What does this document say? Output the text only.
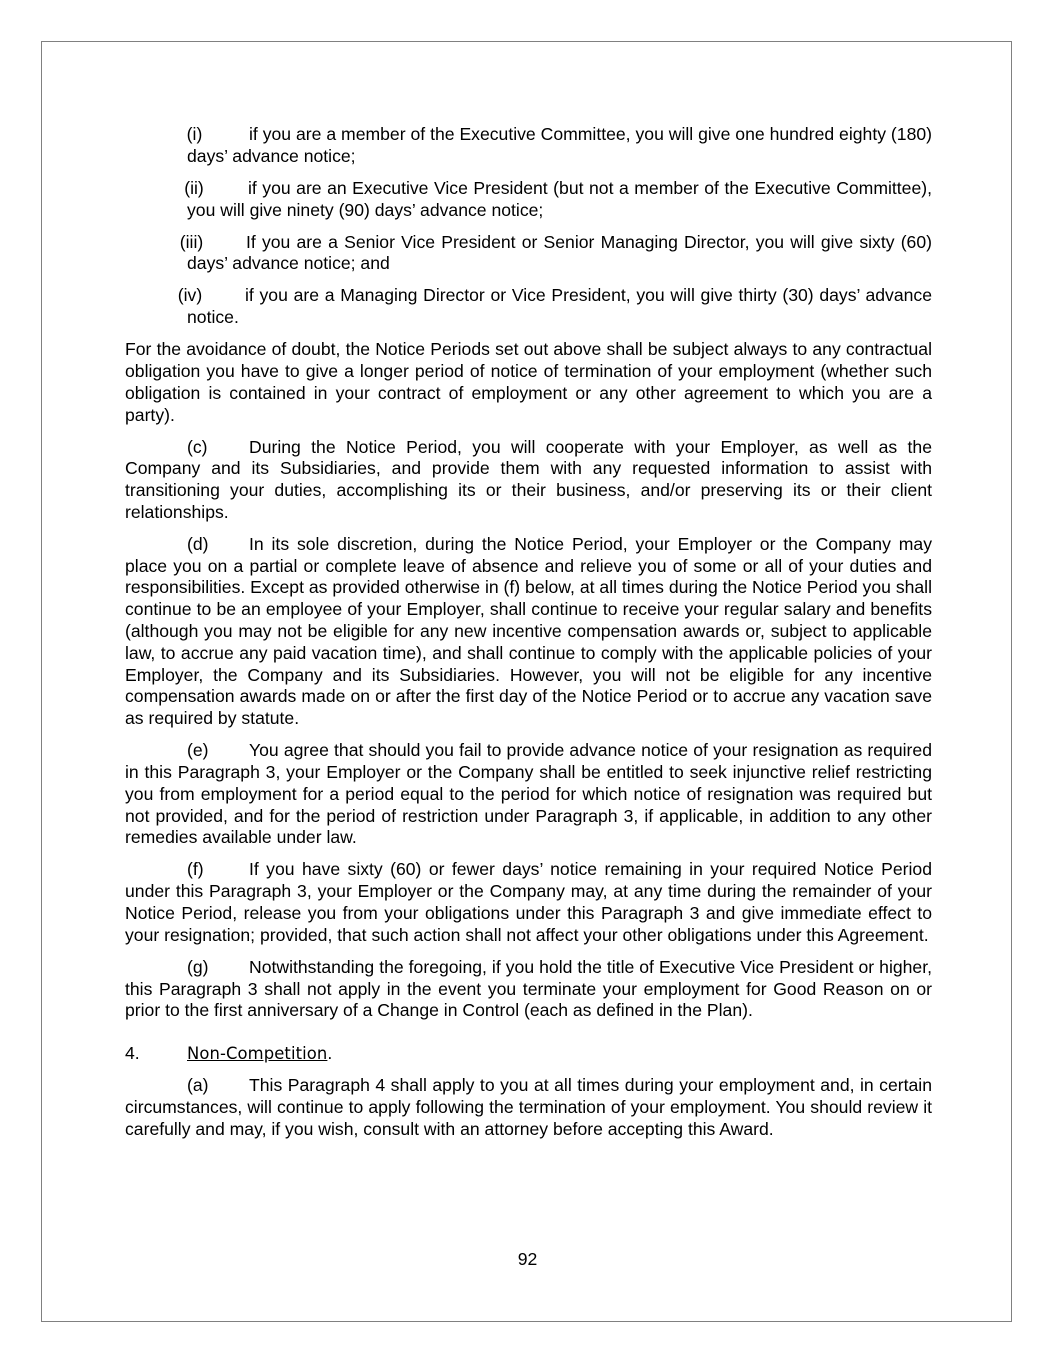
(i)	if you are a member of the Executive Committee, you will give one hundred eighty (180) days’ advance notice;

(ii)	if you are an Executive Vice President (but not a member of the Executive Committee), you will give ninety (90) days’ advance notice;

(iii) If you are a Senior Vice President or Senior Managing Director, you will give sixty (60) days’ advance notice; and

(iv) if you are a Managing Director or Vice President, you will give thirty (30) days’ advance notice.

For the avoidance of doubt, the Notice Periods set out above shall be subject always to any contractual obligation you have to give a longer period of notice of termination of your employment (whether such obligation is contained in your contract of employment or any other agreement to which you are a party).

(c) During the Notice Period, you will cooperate with your Employer, as well as the Company and its Subsidiaries, and provide them with any requested information to assist with transitioning your duties, accomplishing its or their business, and/or preserving its or their client relationships.

(d) In its sole discretion, during the Notice Period, your Employer or the Company may place you on a partial or complete leave of absence and relieve you of some or all of your duties and responsibilities. Except as provided otherwise in (f) below, at all times during the Notice Period you shall continue to be an employee of your Employer, shall continue to receive your regular salary and benefits (although you may not be eligible for any new incentive compensation awards or, subject to applicable law, to accrue any paid vacation time), and shall continue to comply with the applicable policies of your Employer, the Company and its Subsidiaries. However, you will not be eligible for any incentive compensation awards made on or after the first day of the Notice Period or to accrue any vacation save as required by statute.

(e) You agree that should you fail to provide advance notice of your resignation as required in this Paragraph 3, your Employer or the Company shall be entitled to seek injunctive relief restricting you from employment for a period equal to the period for which notice of resignation was required but not provided, and for the period of restriction under Paragraph 3, if applicable, in addition to any other remedies available under law.

(f)	If you have sixty (60) or fewer days’ notice remaining in your required Notice Period under this Paragraph 3, your Employer or the Company may, at any time during the remainder of your Notice Period, release you from your obligations under this Paragraph 3 and give immediate effect to your resignation; provided, that such action shall not affect your other obligations under this Agreement.

(g) Notwithstanding the foregoing, if you hold the title of Executive Vice President or higher, this Paragraph 3 shall not apply in the event you terminate your employment for Good Reason on or prior to the first anniversary of a Change in Control (each as defined in the Plan).

4.	Non-Competition.

(a) This Paragraph 4 shall apply to you at all times during your employment and, in certain circumstances, will continue to apply following the termination of your employment. You should review it carefully and may, if you wish, consult with an attorney before accepting this Award.

92
